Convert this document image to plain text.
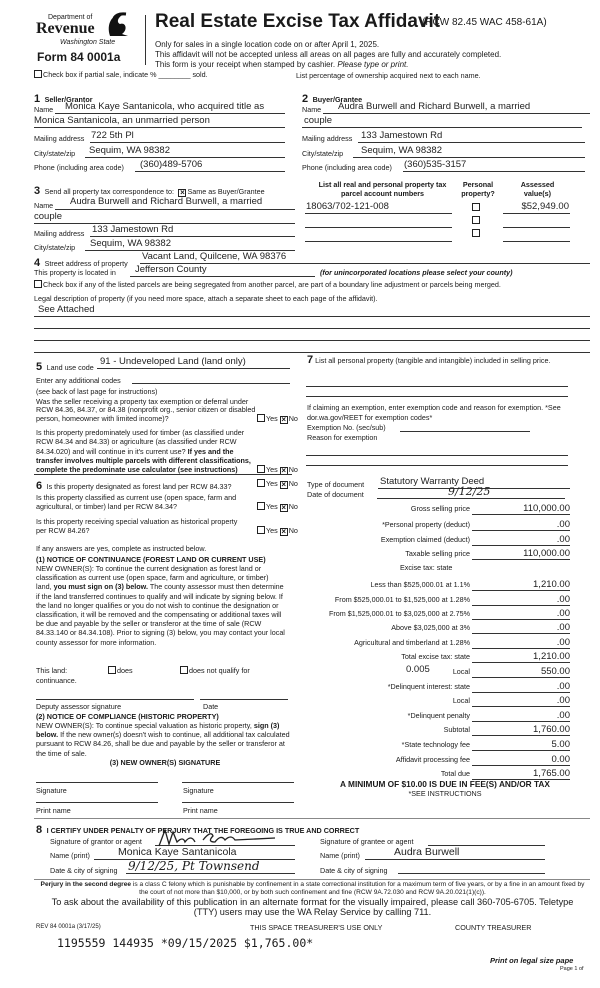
Department of
Revenue
Washington State
Form 84 0001a
Real Estate Excise Tax Affidavit
(RCW 82.45 WAC 458-61A)
Only for sales in a single location code on or after April 1, 2025.
This affidavit will not be accepted unless all areas on all pages are fully and accurately completed.
This form is your receipt when stamped by cashier. Please type or print.
Check box if partial sale, indicate % ________ sold.	List percentage of ownership acquired next to each name.
1 Seller/Grantor
Name Monica Kaye Santanicola, who acquired title as
Monica Santanicola, an unmarried person
Mailing address 722 5th Pl
City/state/zip Sequim, WA 98382
Phone (including area code) (360)489-5706
2 Buyer/Grantee
Name Audra Burwell and Richard Burwell, a married
couple
Mailing address 133 Jamestown Rd
City/state/zip Sequim, WA 98382
Phone (including area code) (360)535-3157
3 Send all property tax correspondence to: × Same as Buyer/Grantee
Name Audra Burwell and Richard Burwell, a married
couple
Mailing address 133 Jamestown Rd
City/state/zip Sequim, WA 98382
List all real and personal property tax
parcel account numbers
Personal
property?
Assessed
value(s)
18063/702-121-008	$52,949.00
4 Street address of property
Vacant Land, Quilcene, WA 98376
This property is located in Jefferson County	(for unincorporated locations please select your county)
Check box if any of the listed parcels are being segregated from another parcel, are part of a boundary line adjustment or parcels being merged.
Legal description of property (if you need more space, attach a separate sheet to each page of the affidavit).
See Attached
5 Land use code
91 - Undeveloped Land (land only)
Enter any additional codes
(see back of last page for instructions)
Was the seller receiving a property tax exemption or deferral under RCW 84.36, 84.37, or 84.38 (nonprofit org., senior citizen or disabled person, homeowner with limited income)?	Yes × No
Is this property predominately used for timber (as classified under RCW 84.34 and 84.33) or agriculture (as classified under RCW 84.34.020) and will continue in it's current use? If yes and the transfer involves multiple parcels with different classifications, complete the predominate use calculator (see instructions)	Yes × No
6 Is this property designated as forest land per RCW 84.33?	Yes × No
Is this property classified as current use (open space, farm and agricultural, or timber) land per RCW 84.34?	Yes × No
Is this property receiving special valuation as historical property per RCW 84.26?	Yes × No
If any answers are yes, complete as instructed below.
(1) NOTICE OF CONTINUANCE (FOREST LAND OR CURRENT USE)
NEW OWNER(S): To continue the current designation as forest land or classification as current use (open space, farm and agriculture, or timber) land, you must sign on (3) below. The county assessor must then determine if the land transferred continues to qualify and will indicate by signing below. If the land no longer qualifies or you do not wish to continue the designation or classification, it will be removed and the compensating or additional taxes will be due and payable by the seller or transferor at the time of sale (RCW 84.33.140 or 84.34.108). Prior to signing (3) below, you may contact your local county assessor for more information.
This land:	does	does not qualify for
continuance.
Deputy assessor signature	Date
(2) NOTICE OF COMPLIANCE (HISTORIC PROPERTY)
NEW OWNER(S): To continue special valuation as historic property, sign (3) below. If the new owner(s) doesn't wish to continue, all additional tax calculated pursuant to RCW 84.26, shall be due and payable by the seller or transferor at the time of sale.
(3) NEW OWNER(S) SIGNATURE
Signature	Signature
Print name	Print name
7 List all personal property (tangible and intangible) included in selling price.
If claiming an exemption, enter exemption code and reason for exemption. *See dor.wa.gov/REET for exemption codes*
Exemption No. (sec/sub)
Reason for exemption
Type of document Statutory Warranty Deed
Date of document	9/12/25
Excise tax: state
0.005
A MINIMUM OF $10.00 IS DUE IN FEE(S) AND/OR TAX
*SEE INSTRUCTIONS
Gross selling price	110,000.00
*Personal property (deduct)	.00
Exemption claimed (deduct)	.00
Taxable selling price	110,000.00
Less than $525,000.01 at 1.1%	1,210.00
From $525,000.01 to $1,525,000 at 1.28%	.00
From $1,525,000.01 to $3,025,000 at 2.75%	.00
Above $3,025,000 at 3%	.00
Agricultural and timberland at 1.28%	.00
Total excise tax: state	1,210.00
Local	550.00
*Delinquent interest: state	.00
Local	.00
*Delinquent penalty	.00
Subtotal	1,760.00
*State technology fee	5.00
Affidavit processing fee	0.00
Total due	1,765.00
8 I CERTIFY UNDER PENALTY OF PERJURY THAT THE FOREGOING IS TRUE AND CORRECT
Signature of grantor or agent
Name (print)	Monica Kaye Santanicola
Date & city of signing 9/12/25, Pt Townsend
Signature of grantee or agent
Name (print)	Audra Burwell
Date & city of signing
Perjury in the second degree is a class C felony which is punishable by confinement in a state correctional institution for a maximum term of five years, or by a fine in an amount fixed by the court of not more than $10,000, or by both such confinement and fine (RCW 9A.72.030 and RCW 9A.20.021(1)(c)).
To ask about the availability of this publication in an alternate format for the visually impaired, please call 360-705-6705. Teletype (TTY) users may use the WA Relay Service by calling 711.
REV 84 0001a (3/17/25)	THIS SPACE TREASURER'S USE ONLY	COUNTY TREASURER
1195559 144935 *09/15/2025 $1,765.00*
Print on legal size pape
Page 1 of
